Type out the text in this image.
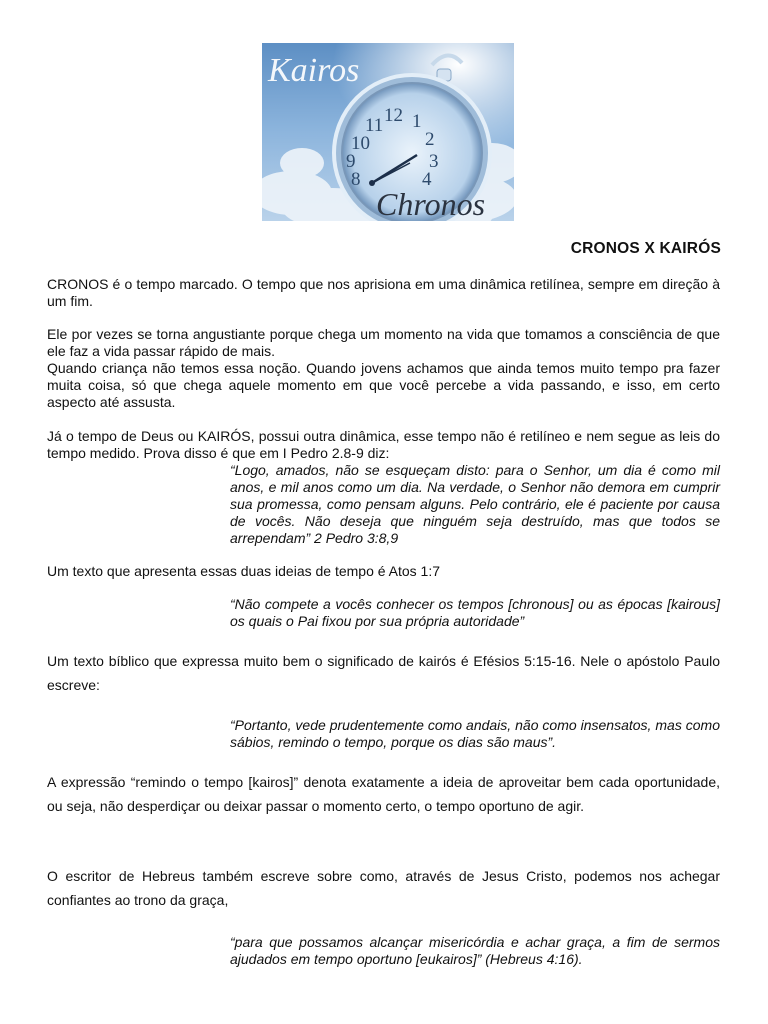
11 12 1
2
10
9
8
3
4
Kairos
Chronos
CRONOS X KAIRÓS
CRONOS é o tempo marcado. O tempo que nos aprisiona em uma dinâmica retilínea, sempre em direção à um fim.
Ele por vezes se torna angustiante porque chega um momento na vida que tomamos a consciência de que ele faz a vida passar rápido de mais.
Quando criança não temos essa noção. Quando jovens achamos que ainda temos muito tempo pra fazer muita coisa, só que chega aquele momento em que você percebe a vida passando, e isso, em certo aspecto até assusta.
Já o tempo de Deus ou KAIRÓS, possui outra dinâmica, esse tempo não é retilíneo e nem segue as leis do tempo medido. Prova disso é que em I Pedro 2.8-9 diz:
“Logo, amados, não se esqueçam disto: para o Senhor, um dia é como mil anos, e mil anos como um dia. Na verdade, o Senhor não demora em cumprir sua promessa, como pensam alguns. Pelo contrário, ele é paciente por causa de vocês. Não deseja que ninguém seja destruído, mas que todos se arrependam” 2 Pedro 3:8,9
Um texto que apresenta essas duas ideias de tempo é Atos 1:7
“Não compete a vocês conhecer os tempos [chronous] ou as épocas [kairous] os quais o Pai fixou por sua própria autoridade”
Um texto bíblico que expressa muito bem o significado de kairós é Efésios 5:15-16. Nele o apóstolo Paulo escreve:
“Portanto, vede prudentemente como andais, não como insensatos, mas como sábios, remindo o tempo, porque os dias são maus”.
A expressão “remindo o tempo [kairos]” denota exatamente a ideia de aproveitar bem cada oportunidade, ou seja, não desperdiçar ou deixar passar o momento certo, o tempo oportuno de agir.
O escritor de Hebreus também escreve sobre como, através de Jesus Cristo, podemos nos achegar confiantes ao trono da graça,
“para que possamos alcançar misericórdia e achar graça, a fim de sermos ajudados em tempo oportuno [eukairos]” (Hebreus 4:16).
